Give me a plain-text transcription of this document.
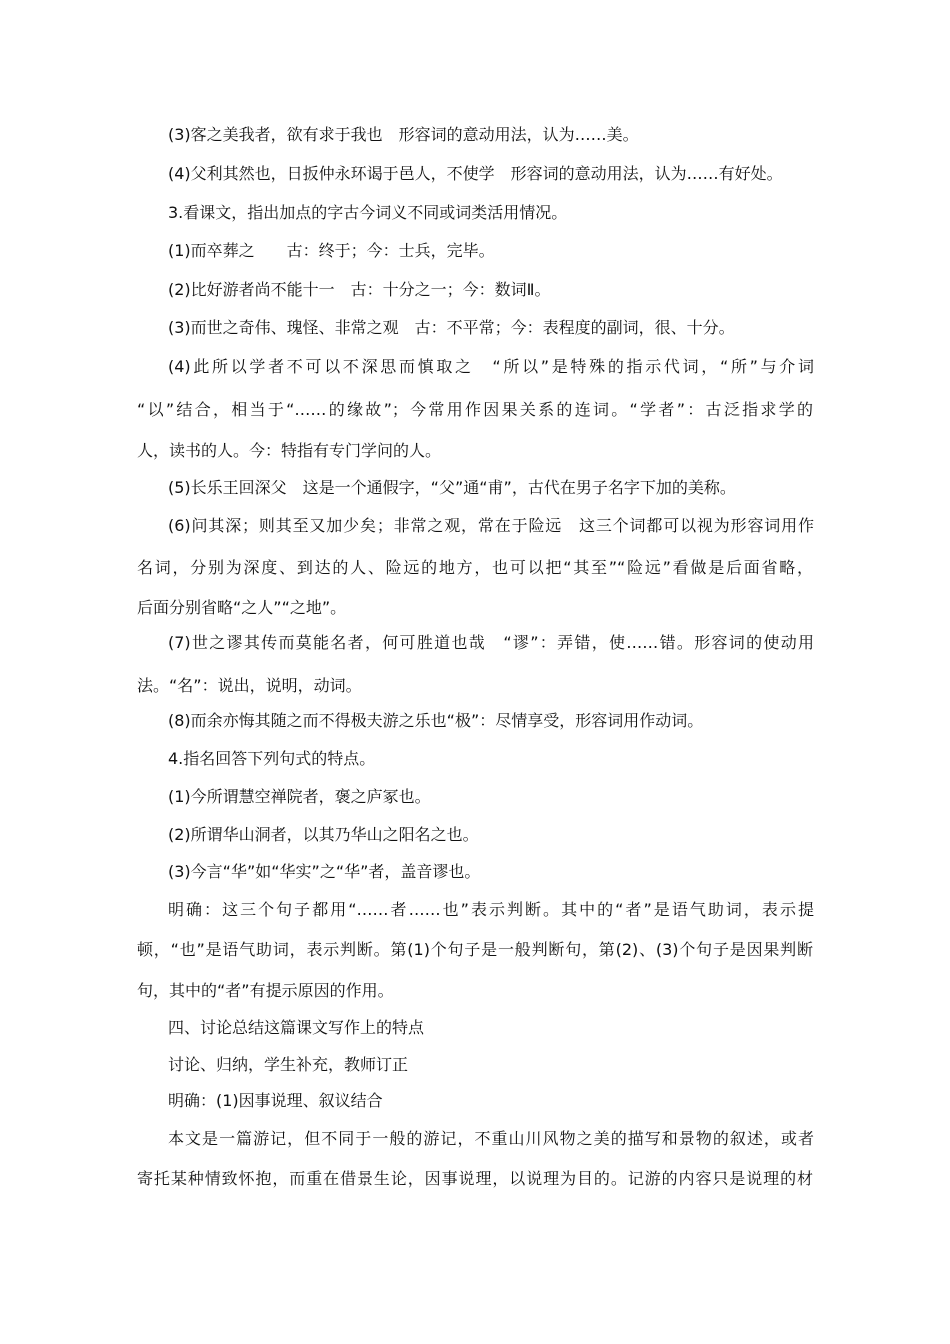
(3)客之美我者，欲有求于我也　形容词的意动用法，认为……美。
(4)父利其然也，日扳仲永环谒于邑人，不使学　形容词的意动用法，认为……有好处。
3.看课文，指出加点的字古今词义不同或词类活用情况。
(1)而卒葬之　　古：终于；今：士兵，完毕。
(2)比好游者尚不能十一　古：十分之一；今：数词Ⅱ。
(3)而世之奇伟、瑰怪、非常之观　古：不平常；今：表程度的副词，很、十分。
(4)此所以学者不可以不深思而慎取之　“所以”是特殊的指示代词，“所”与介词
“以”结合，相当于“……的缘故”；今常用作因果关系的连词。“学者”：古泛指求学的
人，读书的人。今：特指有专门学问的人。
(5)长乐王回深父　这是一个通假字，“父”通“甫”，古代在男子名字下加的美称。
(6)问其深；则其至又加少矣；非常之观，常在于险远　这三个词都可以视为形容词用作
名词，分别为深度、到达的人、险远的地方，也可以把“其至”“险远”看做是后面省略，
后面分别省略“之人”“之地”。
(7)世之谬其传而莫能名者，何可胜道也哉　“谬”：弄错，使……错。形容词的使动用
法。“名”：说出，说明，动词。
(8)而余亦悔其随之而不得极夫游之乐也“极”：尽情享受，形容词用作动词。
4.指名回答下列句式的特点。
(1)今所谓慧空禅院者，褒之庐冢也。
(2)所谓华山洞者，以其乃华山之阳名之也。
(3)今言“华”如“华实”之“华”者，盖音谬也。
明确：这三个句子都用“……者……也”表示判断。其中的“者”是语气助词，表示提
顿，“也”是语气助词，表示判断。第(1)个句子是一般判断句，第(2)、(3)个句子是因果判断
句，其中的“者”有提示原因的作用。
四、讨论总结这篇课文写作上的特点
讨论、归纳，学生补充，教师订正
明确：(1)因事说理、叙议结合
本文是一篇游记，但不同于一般的游记，不重山川风物之美的描写和景物的叙述，或者
寄托某种情致怀抱，而重在借景生论，因事说理，以说理为目的。记游的内容只是说理的材
